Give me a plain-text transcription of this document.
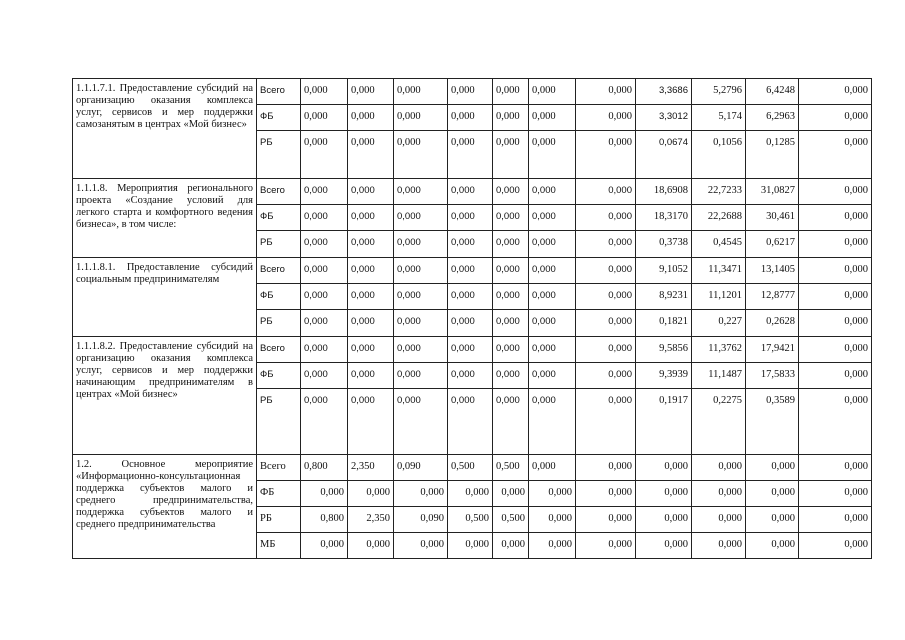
1.1.1.7.1. Предоставление субсидий на организацию оказания комплекса услуг, сервисов и мер поддержки самозанятым в центрах «Мой бизнес»	Всего	0,000	0,000	0,000	0,000	0,000	0,000	0,000	3,3686	5,2796	6,4248	0,000
	ФБ	0,000	0,000	0,000	0,000	0,000	0,000	0,000	3,3012	5,174	6,2963	0,000
	РБ	0,000	0,000	0,000	0,000	0,000	0,000	0,000	0,0674	0,1056	0,1285	0,000
1.1.1.8. Мероприятия регионального проекта «Создание условий для легкого старта и комфортного ведения бизнеса», в том числе:	Всего	0,000	0,000	0,000	0,000	0,000	0,000	0,000	18,6908	22,7233	31,0827	0,000
	ФБ	0,000	0,000	0,000	0,000	0,000	0,000	0,000	18,3170	22,2688	30,461	0,000
	РБ	0,000	0,000	0,000	0,000	0,000	0,000	0,000	0,3738	0,4545	0,6217	0,000
1.1.1.8.1. Предоставление субсидий социальным предпринимателям	Всего	0,000	0,000	0,000	0,000	0,000	0,000	0,000	9,1052	11,3471	13,1405	0,000
	ФБ	0,000	0,000	0,000	0,000	0,000	0,000	0,000	8,9231	11,1201	12,8777	0,000
	РБ	0,000	0,000	0,000	0,000	0,000	0,000	0,000	0,1821	0,227	0,2628	0,000
1.1.1.8.2. Предоставление субсидий на организацию оказания комплекса услуг, сервисов и мер поддержки начинающим предпринимателям в центрах «Мой бизнес»	Всего	0,000	0,000	0,000	0,000	0,000	0,000	0,000	9,5856	11,3762	17,9421	0,000
	ФБ	0,000	0,000	0,000	0,000	0,000	0,000	0,000	9,3939	11,1487	17,5833	0,000
	РБ	0,000	0,000	0,000	0,000	0,000	0,000	0,000	0,1917	0,2275	0,3589	0,000
1.2. Основное мероприятие «Информационно-консультационная поддержка субъектов малого и среднего предпринимательства, поддержка субъектов малого и среднего предпринимательства	Всего	0,800	2,350	0,090	0,500	0,500	0,000	0,000	0,000	0,000	0,000	0,000
	ФБ	0,000	0,000	0,000	0,000	0,000	0,000	0,000	0,000	0,000	0,000	0,000
	РБ	0,800	2,350	0,090	0,500	0,500	0,000	0,000	0,000	0,000	0,000	0,000
	МБ	0,000	0,000	0,000	0,000	0,000	0,000	0,000	0,000	0,000	0,000	0,000
